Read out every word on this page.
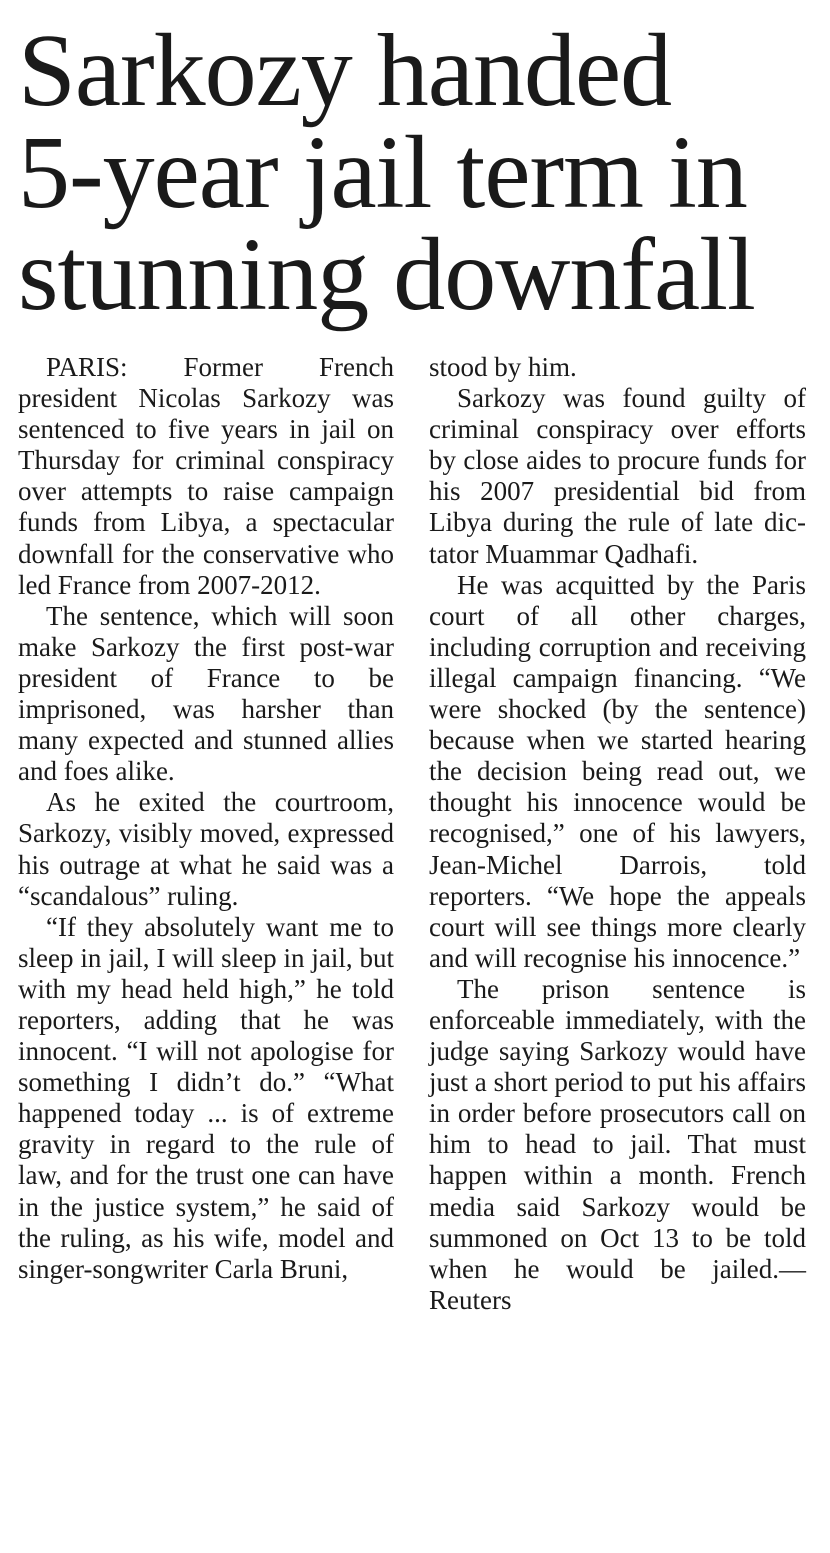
Sarkozy handed
5-year jail term in
stunning downfall

PARIS: Former French president Nicolas Sarkozy was sentenced to five years in jail on Thursday for criminal conspiracy over attempts to raise campaign funds from Libya, a spectacular downfall for the conservative who led France from 2007-2012.

The sentence, which will soon make Sarkozy the first post-war president of France to be imprisoned, was harsher than many expected and stunned allies and foes alike.

As he exited the courtroom, Sarkozy, visibly moved, expressed his outrage at what he said was a “scandalous” ruling.

“If they absolutely want me to sleep in jail, I will sleep in jail, but with my head held high,” he told reporters, adding that he was innocent. “I will not apologise for something I didn’t do.” “What happened today ... is of extreme gravity in regard to the rule of law, and for the trust one can have in the justice system,” he said of the ruling, as his wife, model and singer-songwriter Carla Bruni,

stood by him.

Sarkozy was found guilty of criminal conspiracy over efforts by close aides to procure funds for his 2007 presidential bid from Libya during the rule of late dictator Muammar Qadhafi.

He was acquitted by the Paris court of all other charges, including corruption and receiving illegal campaign financing. “We were shocked (by the sentence) because when we started hearing the decision being read out, we thought his innocence would be recognised,” one of his lawyers, Jean-Michel Darrois, told reporters. “We hope the appeals court will see things more clearly and will recognise his innocence.”

The prison sentence is enforceable immediately, with the judge saying Sarkozy would have just a short period to put his affairs in order before prosecutors call on him to head to jail. That must happen within a month. French media said Sarkozy would be summoned on Oct 13 to be told when he would be jailed.—Reuters
